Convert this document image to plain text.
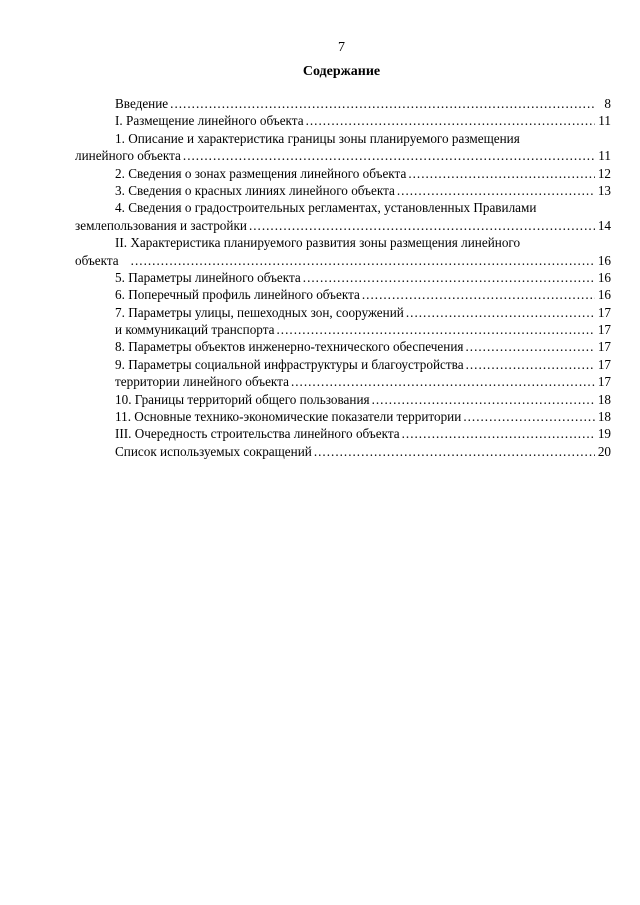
7
Содержание
Введение .....	8
I. Размещение линейного объекта .....	11
1. Описание и характеристика границы зоны планируемого размещения
линейного объекта .....	11
2. Сведения о зонах размещения линейного объекта .....	12
3. Сведения о красных линиях линейного объекта .....	13
4. Сведения о градостроительных регламентах, установленных Правилами
землепользования и застройки .....	14
II. Характеристика планируемого развития зоны размещения линейного
объекта .....	16
5. Параметры линейного объекта .....	16
6. Поперечный профиль линейного объекта .....	16
7. Параметры улицы, пешеходных зон, сооружений .....	17
и коммуникаций транспорта .....	17
8. Параметры объектов инженерно-технического обеспечения .....	17
9. Параметры социальной инфраструктуры и благоустройства .....	17
территории линейного объекта .....	17
10. Границы территорий общего пользования .....	18
11. Основные технико-экономические показатели территории .....	18
III. Очередность строительства линейного объекта .....	19
Список используемых сокращений .....	20
